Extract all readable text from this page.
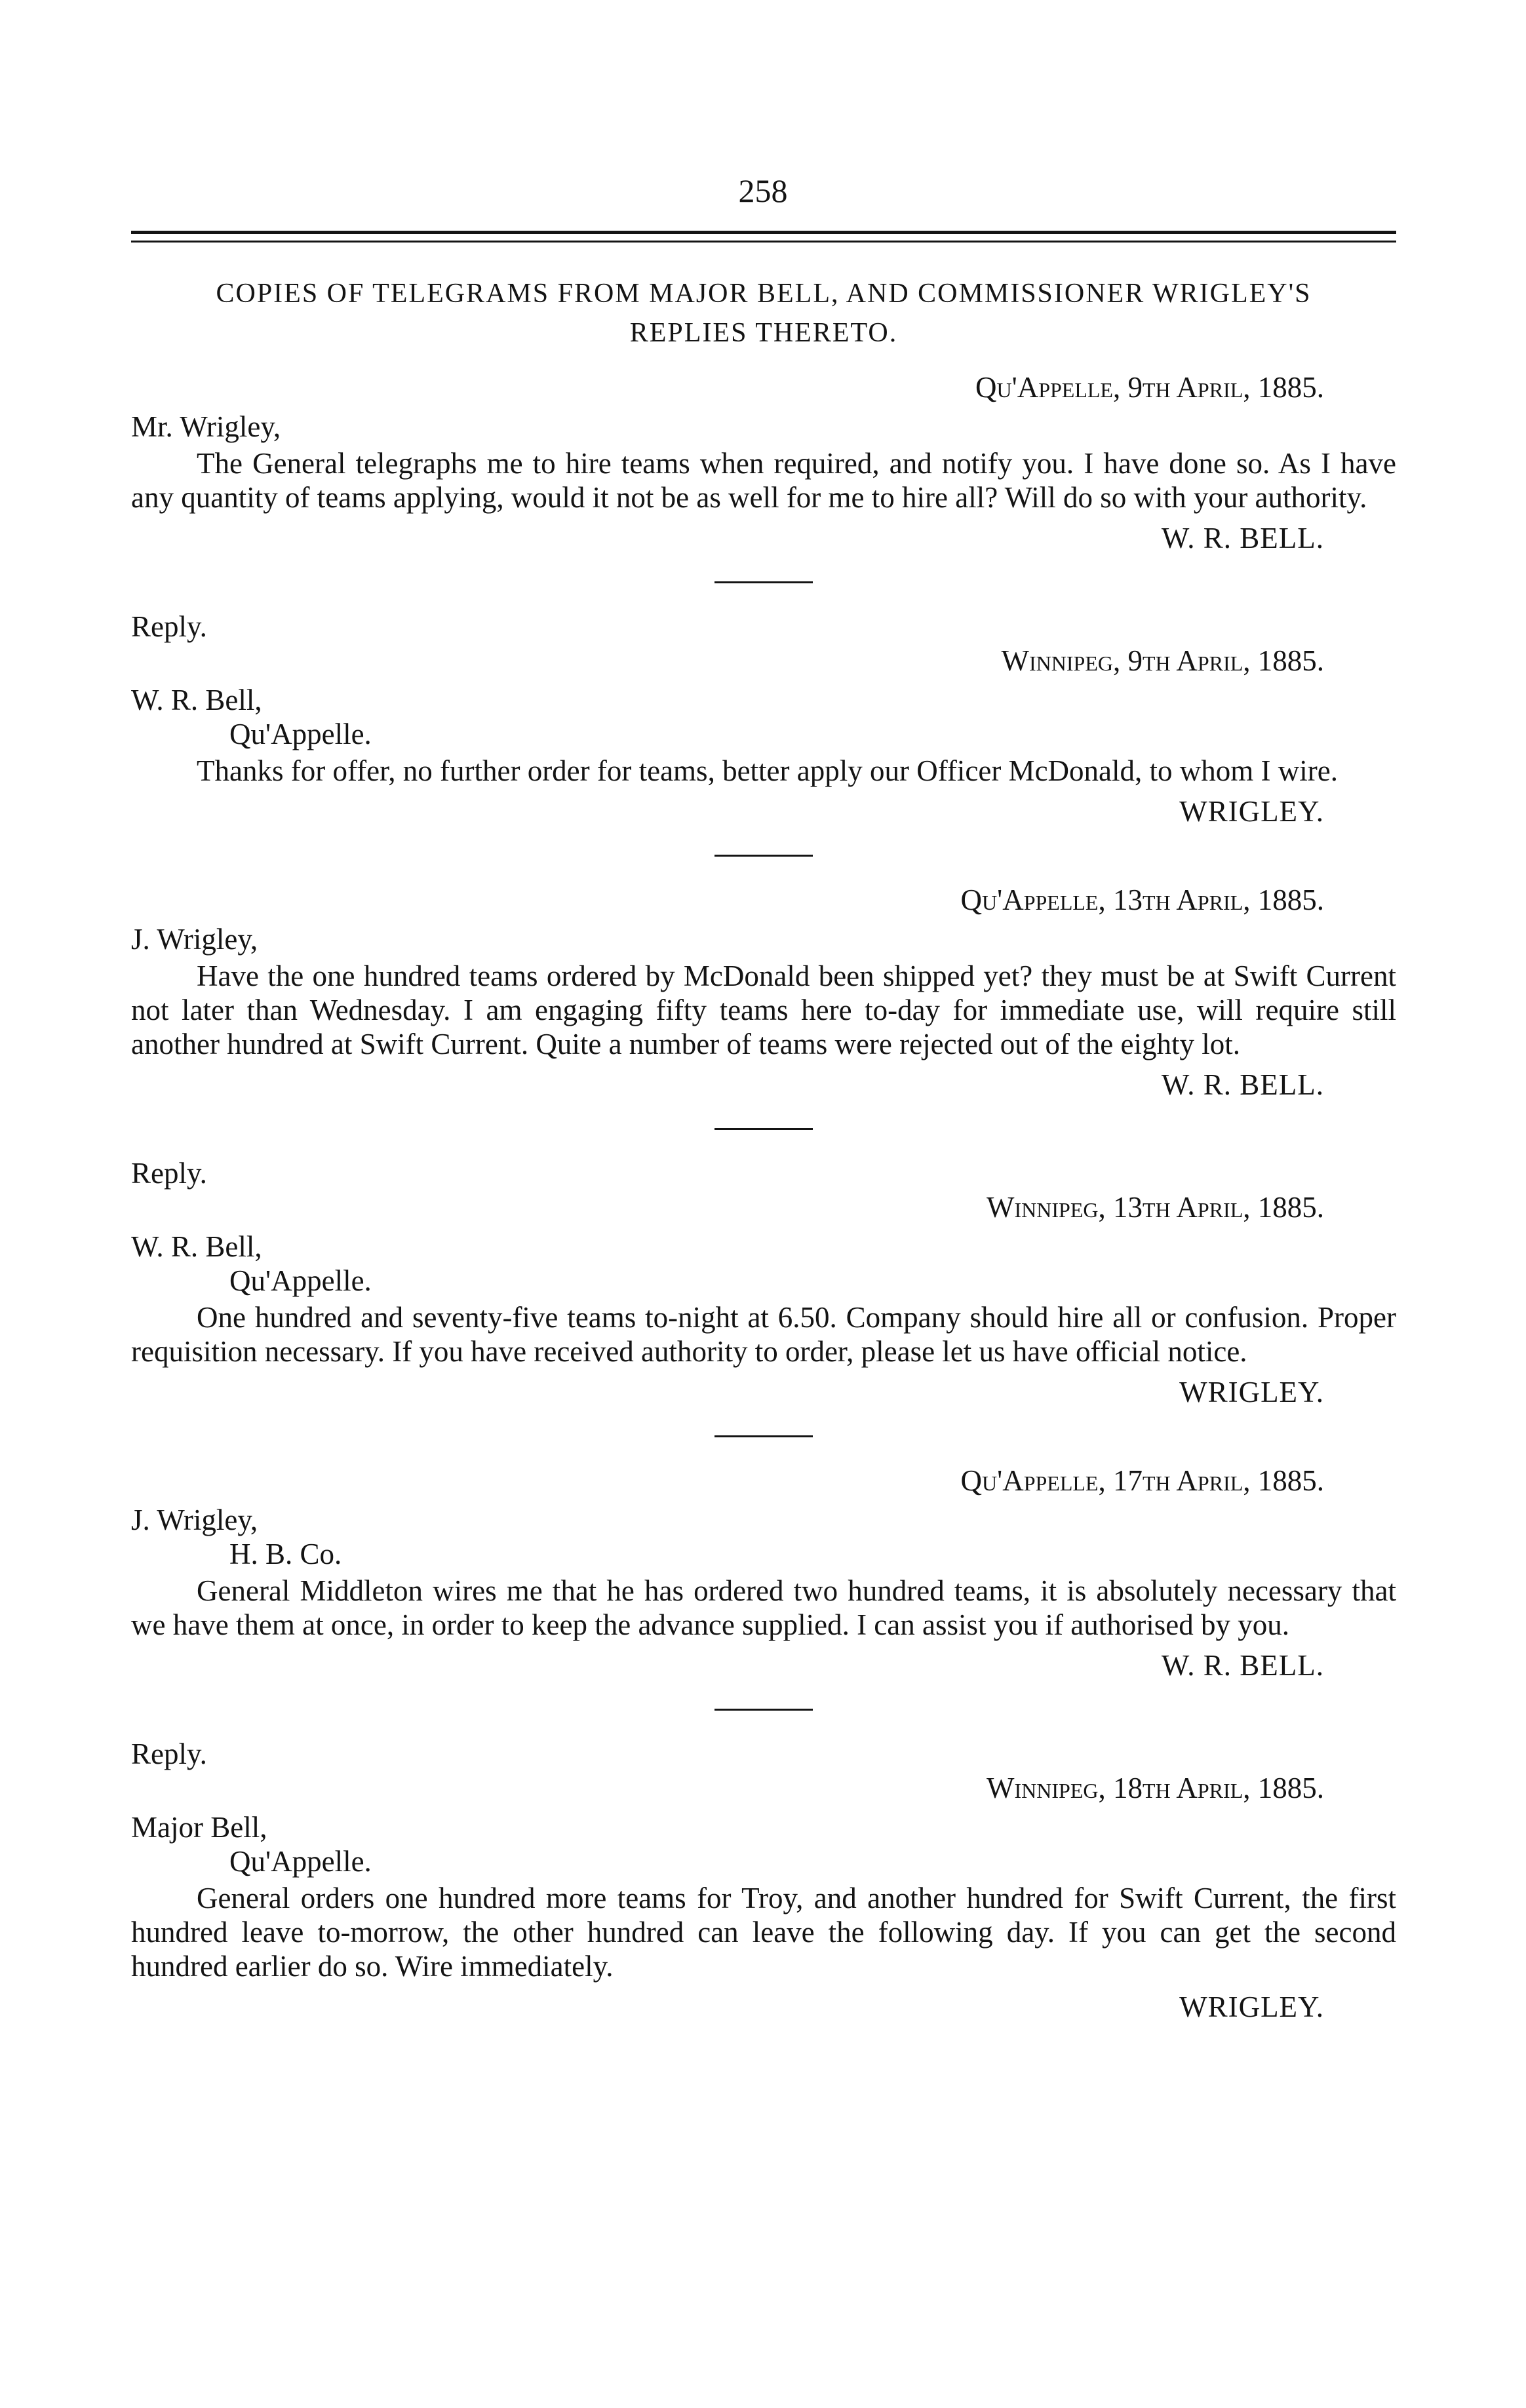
258
COPIES OF TELEGRAMS FROM MAJOR BELL, AND COMMISSIONER WRIGLEY'S
REPLIES THERETO.

Qu'Appelle, 9th April, 1885.

Mr. Wrigley,

The General telegraphs me to hire teams when required, and notify you. I have done so. As I have any quantity of teams applying, would it not be as well for me to hire all? Will do so with your authority.

W. R. BELL.

Reply.

Winnipeg, 9th April, 1885.

W. R. Bell,

Qu'Appelle.

Thanks for offer, no further order for teams, better apply our Officer McDonald, to whom I wire.

WRIGLEY.

Qu'Appelle, 13th April, 1885.

J. Wrigley,

Have the one hundred teams ordered by McDonald been shipped yet? they must be at Swift Current not later than Wednesday. I am engaging fifty teams here to-day for immediate use, will require still another hundred at Swift Current. Quite a number of teams were rejected out of the eighty lot.

W. R. BELL.

Reply.

Winnipeg, 13th April, 1885.

W. R. Bell,

Qu'Appelle.

One hundred and seventy-five teams to-night at 6.50. Company should hire all or confusion. Proper requisition necessary. If you have received authority to order, please let us have official notice.

WRIGLEY.

Qu'Appelle, 17th April, 1885.

J. Wrigley,

H. B. Co.

General Middleton wires me that he has ordered two hundred teams, it is absolutely necessary that we have them at once, in order to keep the advance supplied. I can assist you if authorised by you.

W. R. BELL.

Reply.

Winnipeg, 18th April, 1885.

Major Bell,

Qu'Appelle.

General orders one hundred more teams for Troy, and another hundred for Swift Current, the first hundred leave to-morrow, the other hundred can leave the following day. If you can get the second hundred earlier do so. Wire immediately.

WRIGLEY.
